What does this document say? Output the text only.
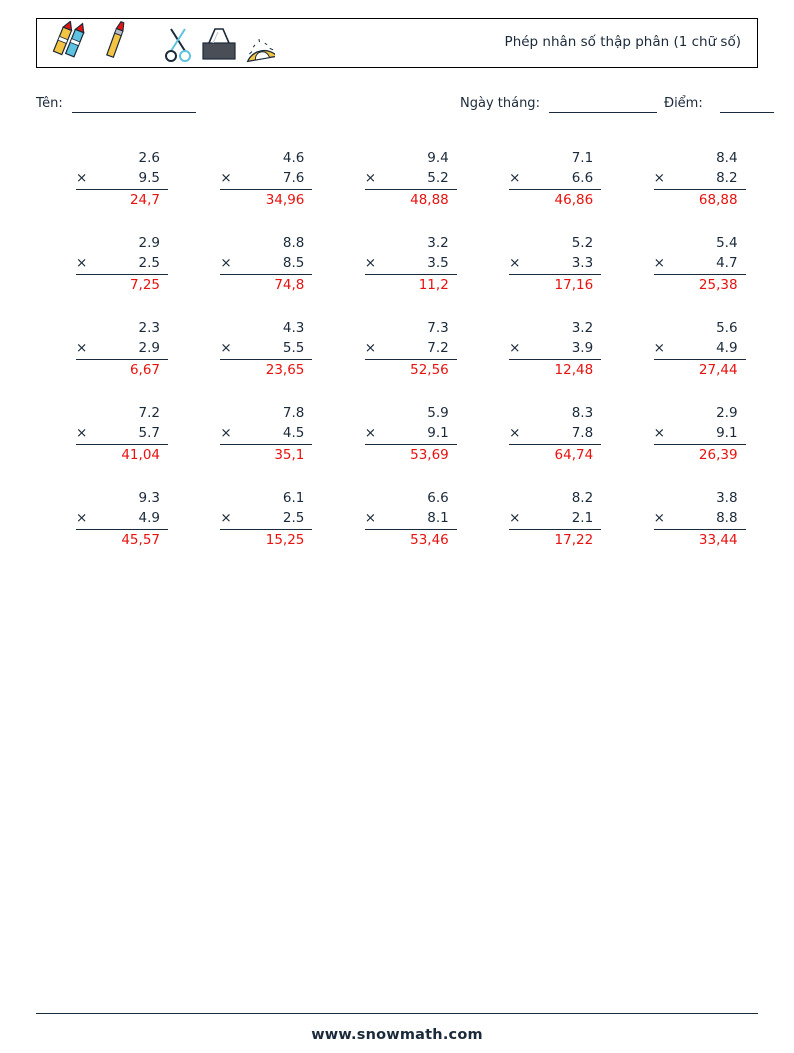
Phép nhân số thập phân (1 chữ số)
Tên:	Ngày tháng:	Điểm:
2.6
×	9.5
24,7
4.6
×	7.6
34,96
9.4
×	5.2
48,88
7.1
×	6.6
46,86
8.4
×	8.2
68,88
2.9
×	2.5
7,25
8.8
×	8.5
74,8
3.2
×	3.5
11,2
5.2
×	3.3
17,16
5.4
×	4.7
25,38
2.3
×	2.9
6,67
4.3
×	5.5
23,65
7.3
×	7.2
52,56
3.2
×	3.9
12,48
5.6
×	4.9
27,44
7.2
×	5.7
41,04
7.8
×	4.5
35,1
5.9
×	9.1
53,69
8.3
×	7.8
64,74
2.9
×	9.1
26,39
9.3
×	4.9
45,57
6.1
×	2.5
15,25
6.6
×	8.1
53,46
8.2
×	2.1
17,22
3.8
×	8.8
33,44
www.snowmath.com
